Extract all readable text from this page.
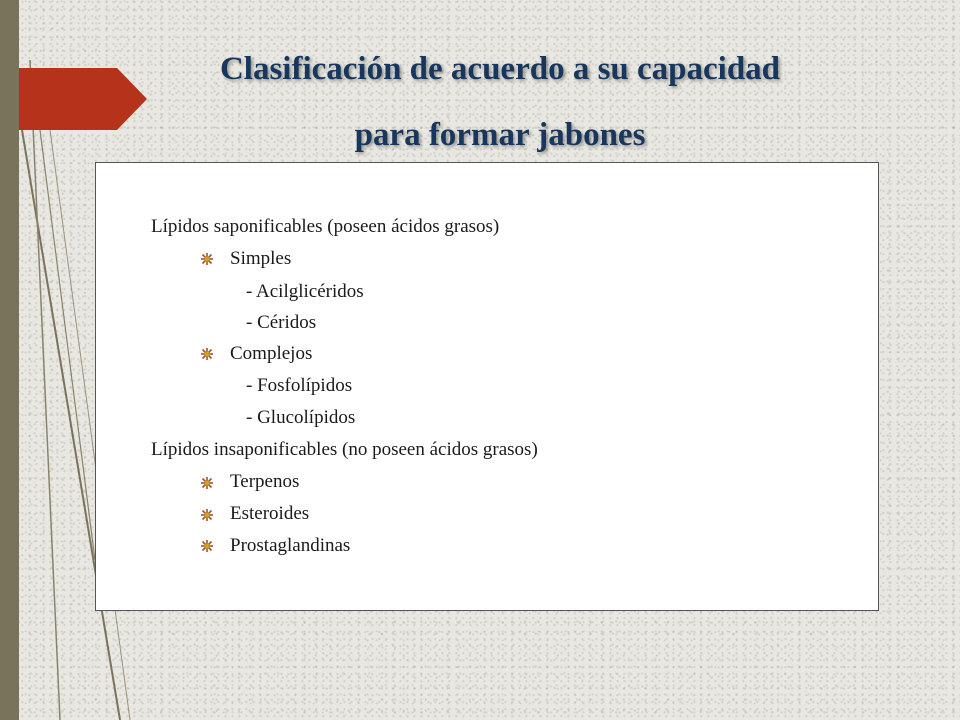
Clasificación de acuerdo a su capacidad
para formar jabones
Lípidos saponificables (poseen ácidos grasos)
Simples
- Acilglicéridos
- Céridos
Complejos
- Fosfolípidos
- Glucolípidos
Lípidos insaponificables (no poseen ácidos grasos)
Terpenos
Esteroides
Prostaglandinas
